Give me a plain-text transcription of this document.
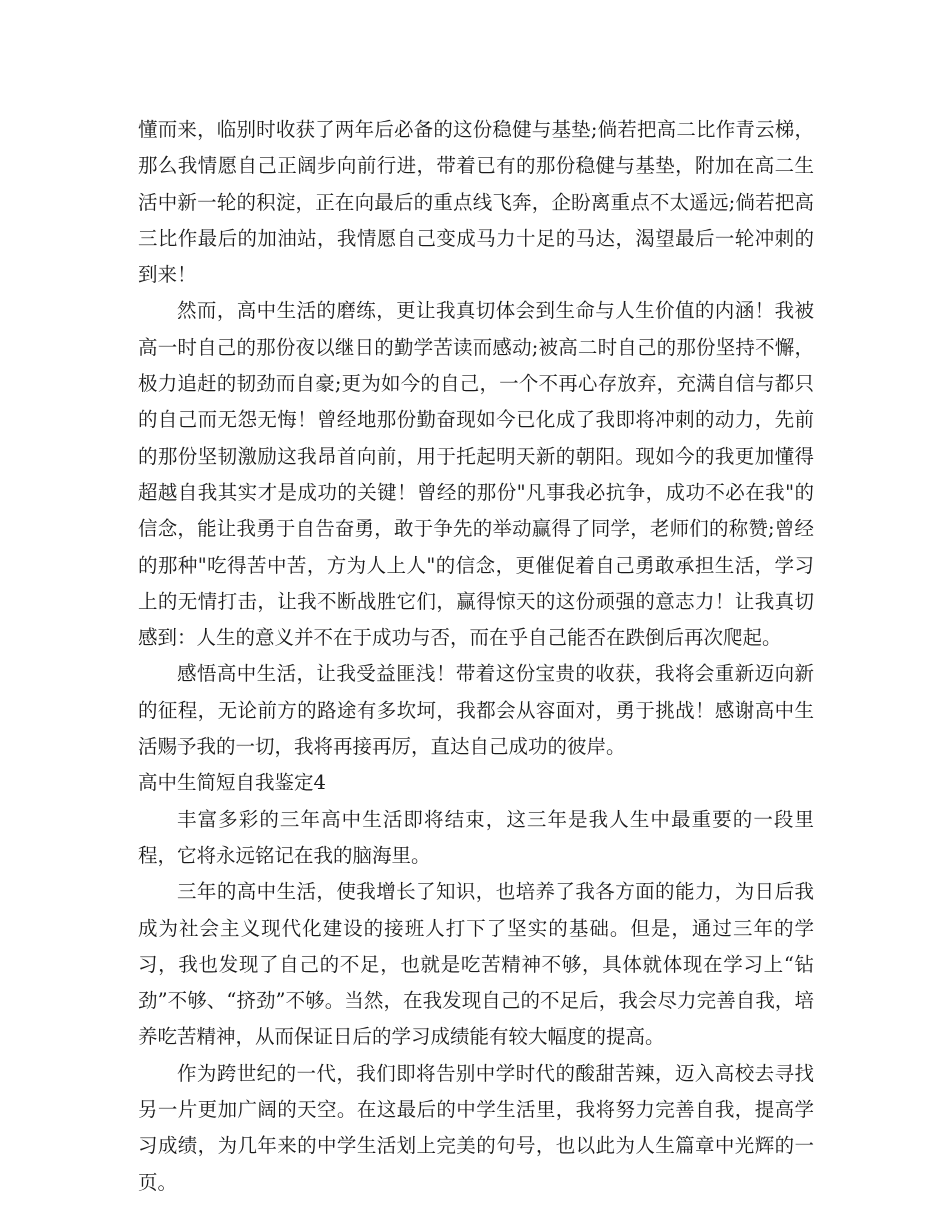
懂而来，临别时收获了两年后必备的这份稳健与基垫;倘若把高二比作青云梯，那么我情愿自己正阔步向前行进，带着已有的那份稳健与基垫，附加在高二生活中新一轮的积淀，正在向最后的重点线飞奔，企盼离重点不太遥远;倘若把高三比作最后的加油站，我情愿自己变成马力十足的马达，渴望最后一轮冲刺的到来！

然而，高中生活的磨练，更让我真切体会到生命与人生价值的内涵！我被高一时自己的那份夜以继日的勤学苦读而感动;被高二时自己的那份坚持不懈，极力追赶的韧劲而自豪;更为如今的自己，一个不再心存放弃，充满自信与都只的自己而无怨无悔！曾经地那份勤奋现如今已化成了我即将冲刺的动力，先前的那份坚韧激励这我昂首向前，用于托起明天新的朝阳。现如今的我更加懂得超越自我其实才是成功的关键！曾经的那份"凡事我必抗争，成功不必在我"的信念，能让我勇于自告奋勇，敢于争先的举动赢得了同学，老师们的称赞;曾经的那种"吃得苦中苦，方为人上人"的信念，更催促着自己勇敢承担生活，学习上的无情打击，让我不断战胜它们，赢得惊天的这份顽强的意志力！让我真切感到：人生的意义并不在于成功与否，而在乎自己能否在跌倒后再次爬起。

感悟高中生活，让我受益匪浅！带着这份宝贵的收获，我将会重新迈向新的征程，无论前方的路途有多坎坷，我都会从容面对，勇于挑战！感谢高中生活赐予我的一切，我将再接再厉，直达自己成功的彼岸。

高中生简短自我鉴定4

丰富多彩的三年高中生活即将结束，这三年是我人生中最重要的一段里程，它将永远铭记在我的脑海里。

三年的高中生活，使我增长了知识，也培养了我各方面的能力，为日后我成为社会主义现代化建设的接班人打下了坚实的基础。但是，通过三年的学习，我也发现了自己的不足，也就是吃苦精神不够，具体就体现在学习上“钻劲”不够、“挤劲”不够。当然，在我发现自己的不足后，我会尽力完善自我，培养吃苦精神，从而保证日后的学习成绩能有较大幅度的提高。

作为跨世纪的一代，我们即将告别中学时代的酸甜苦辣，迈入高校去寻找另一片更加广阔的天空。在这最后的中学生活里，我将努力完善自我，提高学习成绩，为几年来的中学生活划上完美的句号，也以此为人生篇章中光辉的一页。
